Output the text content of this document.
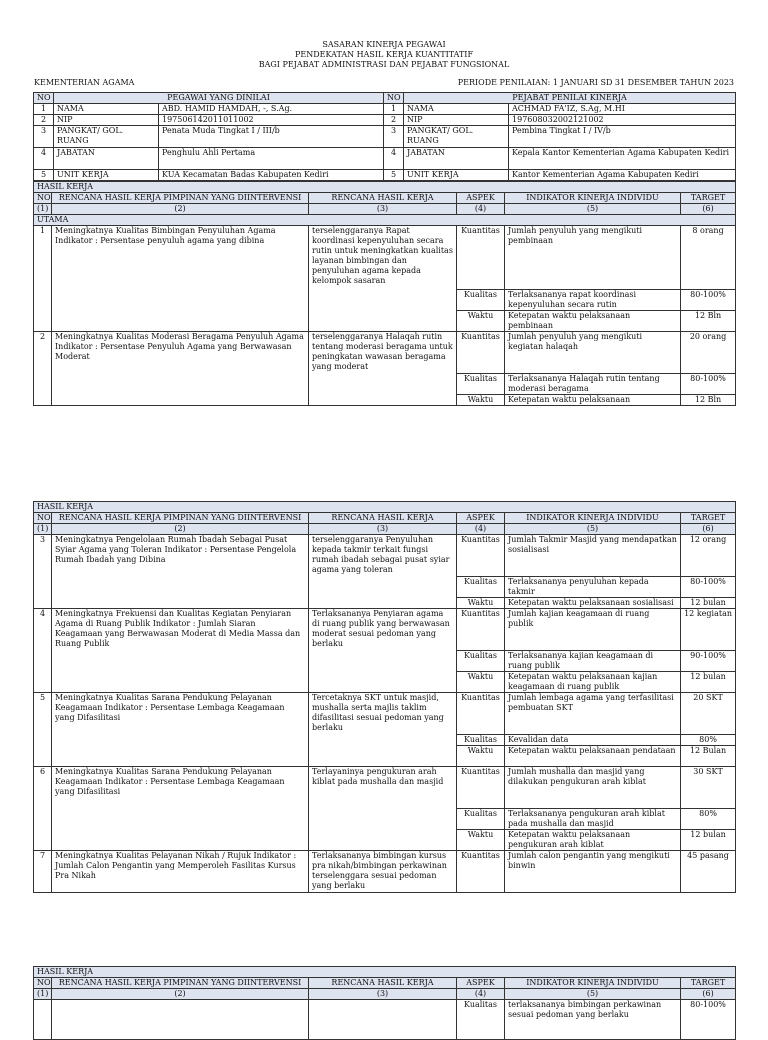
SASARAN KINERJA PEGAWAI
PENDEKATAN HASIL KERJA KUANTITATIF
BAGI PEJABAT ADMINISTRASI DAN PEJABAT FUNGSIONAL
KEMENTERIAN AGAMA	PERIODE PENILAIAN: 1 JANUARI SD 31 DESEMBER TAHUN 2023
NO	PEGAWAI YANG DINILAI		NO	PEJABAT PENILAI KINERJA	
1	NAMA	ABD. HAMID HAMDAH, -, S.Ag.	1	NAMA	ACHMAD FA'IZ, S.Ag, M.HI
2	NIP	197506142011011002	2	NIP	197608032002121002
3	PANGKAT/ GOL. RUANG	Penata Muda Tingkat I / III/b	3	PANGKAT/ GOL. RUANG	Pembina Tingkat I / IV/b
4	JABATAN	Penghulu Ahli Pertama	4	JABATAN	Kepala Kantor Kementerian Agama Kabupaten Kediri
5	UNIT KERJA	KUA Kecamatan Badas Kabupaten Kediri	5	UNIT KERJA	Kantor Kementerian Agama Kabupaten Kediri
HASIL KERJA					
NO	RENCANA HASIL KERJA PIMPINAN YANG DIINTERVENSI	RENCANA HASIL KERJA	ASPEK	INDIKATOR KINERJA INDIVIDU	TARGET
(1)	(2)	(3)	(4)	(5)	(6)
UTAMA					
1	Meningkatnya Kualitas Bimbingan Penyuluhan Agama Indikator : Persentase penyuluh agama yang dibina	terselenggaranya Rapat koordinasi kepenyuluhan secara rutin untuk meningkatkan kualitas layanan bimbingan dan penyuluhan agama kepada kelompok sasaran	Kuantitas	Jumlah penyuluh yang mengikuti pembinaan	8 orang
			Kualitas	Terlaksananya rapat koordinasi kepenyuluhan secara rutin	80-100%
			Waktu	Ketepatan waktu pelaksanaan pembinaan	12 Bln
2	Meningkatnya Kualitas Moderasi Beragama Penyuluh Agama Indikator : Persentase Penyuluh Agama yang Berwawasan Moderat	terselenggaranya Halaqah rutin tentang moderasi beragama untuk peningkatan wawasan beragama yang moderat	Kuantitas	Jumlah penyuluh yang mengikuti kegiatan halaqah	20 orang
			Kualitas	Terlaksananya Halaqah rutin tentang moderasi beragama	80-100%
			Waktu	Ketepatan waktu pelaksanaan	12 Bln
HASIL KERJA					
NO	RENCANA HASIL KERJA PIMPINAN YANG DIINTERVENSI	RENCANA HASIL KERJA	ASPEK	INDIKATOR KINERJA INDIVIDU	TARGET
(1)	(2)	(3)	(4)	(5)	(6)
3	Meningkatnya Pengelolaan Rumah Ibadah Sebagai Pusat Syiar Agama yang Toleran Indikator : Persentase Pengelola Rumah Ibadah yang Dibina	terselenggaranya Penyuluhan kepada takmir terkait fungsi rumah ibadah sebagai pusat syiar agama yang toleran	Kuantitas	Jumlah Takmir Masjid yang mendapatkan sosialisasi	12 orang
			Kualitas	Terlaksananya penyuluhan kepada takmir	80-100%
			Waktu	Ketepatan waktu pelaksanaan sosialisasi	12 bulan
4	Meningkatnya Frekuensi dan Kualitas Kegiatan Penyiaran Agama di Ruang Publik Indikator : Jumlah Siaran Keagamaan yang Berwawasan Moderat di Media Massa dan Ruang Publik	Terlaksananya Penyiaran agama di ruang publik yang berwawasan moderat sesuai pedoman yang berlaku	Kuantitas	Jumlah kajian keagamaan di ruang publik	12 kegiatan
			Kualitas	Terlaksananya kajian keagamaan di ruang publik	90-100%
			Waktu	Ketepatan waktu pelaksanaan kajian keagamaan di ruang publik	12 bulan
5	Meningkatnya Kualitas Sarana Pendukung Pelayanan Keagamaan Indikator : Persentase Lembaga Keagamaan yang Difasilitasi	Tercetaknya SKT untuk masjid, mushalla serta majlis taklim difasilitasi sesuai pedoman yang berlaku	Kuantitas	Jumlah lembaga agama yang terfasilitasi pembuatan SKT	20 SKT
			Kualitas	Kevalidan data	80%
			Waktu	Ketepatan waktu pelaksanaan pendataan	12 Bulan
6	Meningkatnya Kualitas Sarana Pendukung Pelayanan Keagamaan Indikator : Persentase Lembaga Keagamaan yang Difasilitasi	Terlayaninya pengukuran arah kiblat pada mushalla dan masjid	Kuantitas	Jumlah mushalla dan masjid yang dilakukan pengukuran arah kiblat	30 SKT
			Kualitas	Terlaksananya pengukuran arah kiblat pada mushalla dan masjid	80%
			Waktu	Ketepatan waktu pelaksanaan pengukuran arah kiblat	12 bulan
7	Meningkatnya Kualitas Pelayanan Nikah / Rujuk Indikator : Jumlah Calon Pengantin yang Memperoleh Fasilitas Kursus Pra Nikah	Terlaksananya bimbingan kursus pra nikah/bimbingan perkawinan terselenggara sesuai pedoman yang berlaku	Kuantitas	Jumlah calon pengantin yang mengikuti binwin	45 pasang
HASIL KERJA					
NO	RENCANA HASIL KERJA PIMPINAN YANG DIINTERVENSI	RENCANA HASIL KERJA	ASPEK	INDIKATOR KINERJA INDIVIDU	TARGET
(1)	(2)	(3)	(4)	(5)	(6)
			Kualitas	terlaksananya bimbingan perkawinan sesuai pedoman yang berlaku	80-100%
